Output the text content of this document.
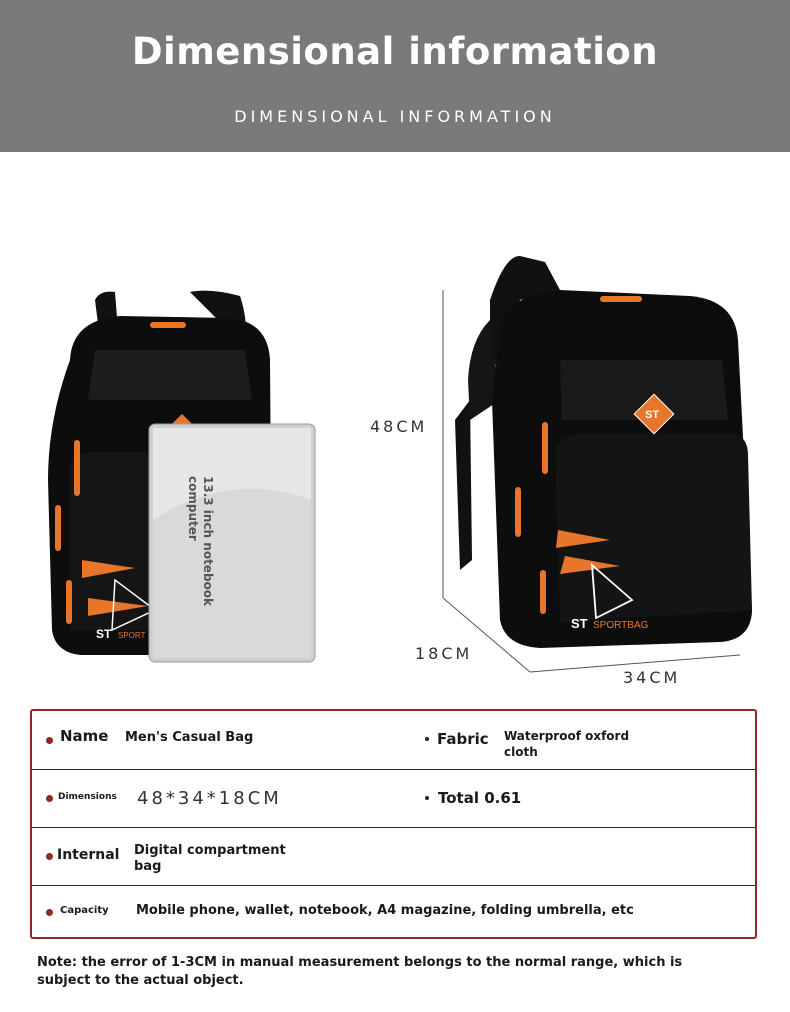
Dimensional information
DIMENSIONAL INFORMATION
ST SPORT
ST
ST SPORTBAG
48CM
18CM
34CM
13.3 inch notebook computer
Name Men's Casual Bag	Fabric Waterproof oxford cloth
Dimensions 48*34*18CM	Total 0.61
Internal Digital compartment bag
Capacity Mobile phone, wallet, notebook, A4 magazine, folding umbrella, etc
Note: the error of 1-3CM in manual measurement belongs to the normal range, which is subject to the actual object.
